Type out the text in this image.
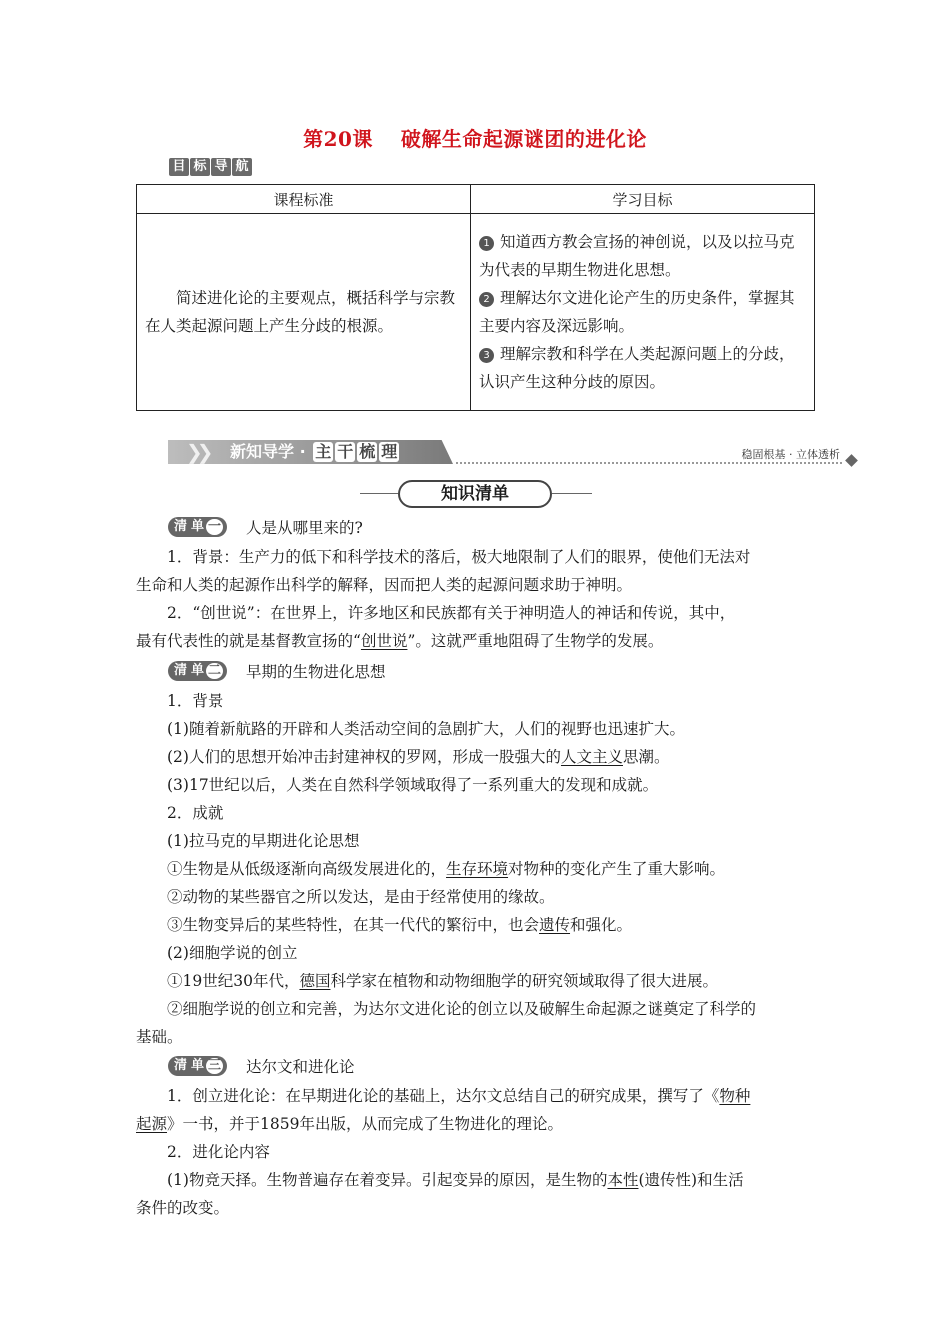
第20课 破解生命起源谜团的进化论
目 标 导 航
课程标准	学习目标
简述进化论的主要观点，概括科学与宗教在人类起源问题上产生分歧的根源。	1 知道西方教会宣扬的神创说，以及以拉马克为代表的早期生物进化思想。
2 理解达尔文进化论产生的历史条件，掌握其主要内容及深远影响。
3 理解宗教和科学在人类起源问题上的分歧，认识产生这种分歧的原因。
❯❯ 新知导学 · 主 干 梳 理	稳固根基 · 立体透析
知识清单
清 单 一 人是从哪里来的?
1．背景：生产力的低下和科学技术的落后，极大地限制了人们的眼界，使他们无法对
生命和人类的起源作出科学的解释，因而把人类的起源问题求助于神明。
2．“创世说”：在世界上，许多地区和民族都有关于神明造人的神话和传说，其中，
最有代表性的就是基督教宣扬的“创世说”。这就严重地阻碍了生物学的发展。
清 单 二 早期的生物进化思想
1．背景
(1)随着新航路的开辟和人类活动空间的急剧扩大，人们的视野也迅速扩大。
(2)人们的思想开始冲击封建神权的罗网，形成一股强大的人文主义思潮。
(3)17世纪以后，人类在自然科学领域取得了一系列重大的发现和成就。
2．成就
(1)拉马克的早期进化论思想
①生物是从低级逐渐向高级发展进化的，生存环境对物种的变化产生了重大影响。
②动物的某些器官之所以发达，是由于经常使用的缘故。
③生物变异后的某些特性，在其一代代的繁衍中，也会遗传和强化。
(2)细胞学说的创立
①19世纪30年代，德国科学家在植物和动物细胞学的研究领域取得了很大进展。
②细胞学说的创立和完善，为达尔文进化论的创立以及破解生命起源之谜奠定了科学的
基础。
清 单 三 达尔文和进化论
1．创立进化论：在早期进化论的基础上，达尔文总结自己的研究成果，撰写了《物种
起源》一书，并于1859年出版，从而完成了生物进化的理论。
2．进化论内容
(1)物竞天择。生物普遍存在着变异。引起变异的原因，是生物的本性(遗传性)和生活
条件的改变。
